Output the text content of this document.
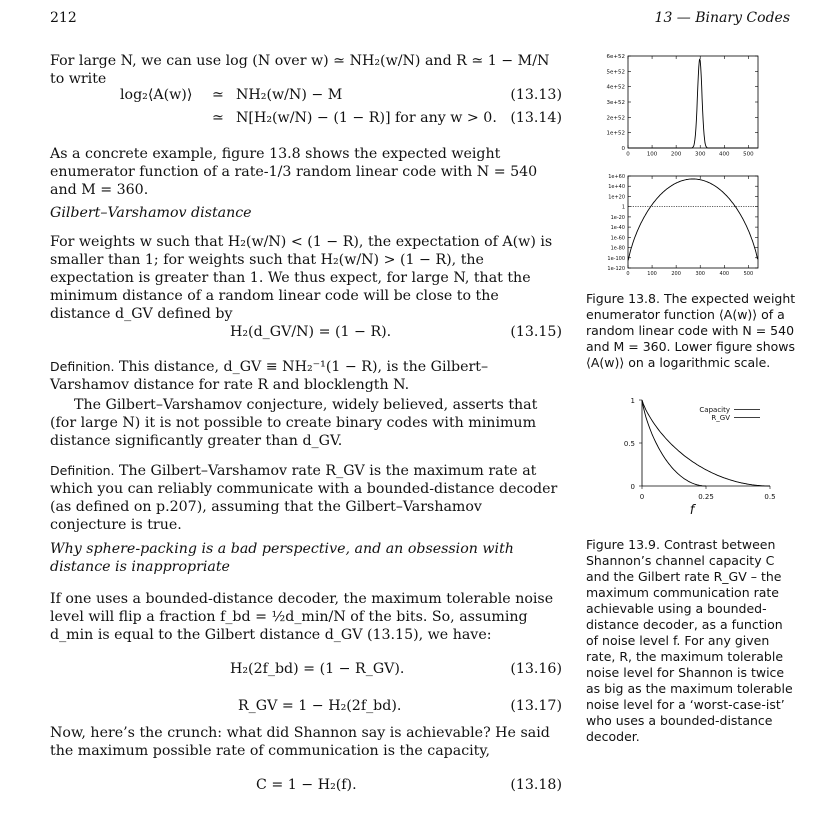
212	13 — Binary Codes
For large N, we can use log (N over w) ≃ NH₂(w/N) and R ≃ 1 − M/N to write
log₂⟨A(w)⟩ ≃ NH₂(w/N) − M	(13.13)
≃ N[H₂(w/N) − (1 − R)] for any w > 0. (13.14)
As a concrete example, figure 13.8 shows the expected weight enumerator function of a rate-1/3 random linear code with N = 540 and M = 360.
Gilbert–Varshamov distance
For weights w such that H₂(w/N) < (1 − R), the expectation of A(w) is smaller than 1; for weights such that H₂(w/N) > (1 − R), the expectation is greater than 1. We thus expect, for large N, that the minimum distance of a random linear code will be close to the distance d_GV defined by
H₂(d_GV/N) = (1 − R).	(13.15)
Definition. This distance, d_GV ≡ NH₂⁻¹(1 − R), is the Gilbert–Varshamov distance for rate R and blocklength N.
The Gilbert–Varshamov conjecture, widely believed, asserts that (for large N) it is not possible to create binary codes with minimum distance significantly greater than d_GV.
Definition. The Gilbert–Varshamov rate R_GV is the maximum rate at which you can reliably communicate with a bounded-distance decoder (as defined on p.207), assuming that the Gilbert–Varshamov conjecture is true.
Why sphere-packing is a bad perspective, and an obsession with distance is inappropriate
If one uses a bounded-distance decoder, the maximum tolerable noise level will flip a fraction f_bd = ½d_min/N of the bits. So, assuming d_min is equal to the Gilbert distance d_GV (13.15), we have:
H₂(2f_bd) = (1 − R_GV).	(13.16)
R_GV = 1 − H₂(2f_bd).	(13.17)
Now, here’s the crunch: what did Shannon say is achievable? He said the maximum possible rate of communication is the capacity,
C = 1 − H₂(f).	(13.18)
0	100 200 300 400 500
0
1e+52
2e+52
3e+52
4e+52
5e+52
6e+52
0	100	200	300	400	500
1e+60
1e+40
1e+20
1
1e-20
1e-40
1e-60
1e-80
1e-100
1e-120
Figure 13.8. The expected weight enumerator function ⟨A(w)⟩ of a random linear code with N = 540 and M = 360. Lower figure shows ⟨A(w)⟩ on a logarithmic scale.
0	0.25	0.5
0
0.5
1
f
Capacity
R_GV
Figure 13.9. Contrast between Shannon’s channel capacity C and the Gilbert rate R_GV – the maximum communication rate achievable using a bounded-distance decoder, as a function of noise level f. For any given rate, R, the maximum tolerable noise level for Shannon is twice as big as the maximum tolerable noise level for a ‘worst-case-ist’ who uses a bounded-distance decoder.
